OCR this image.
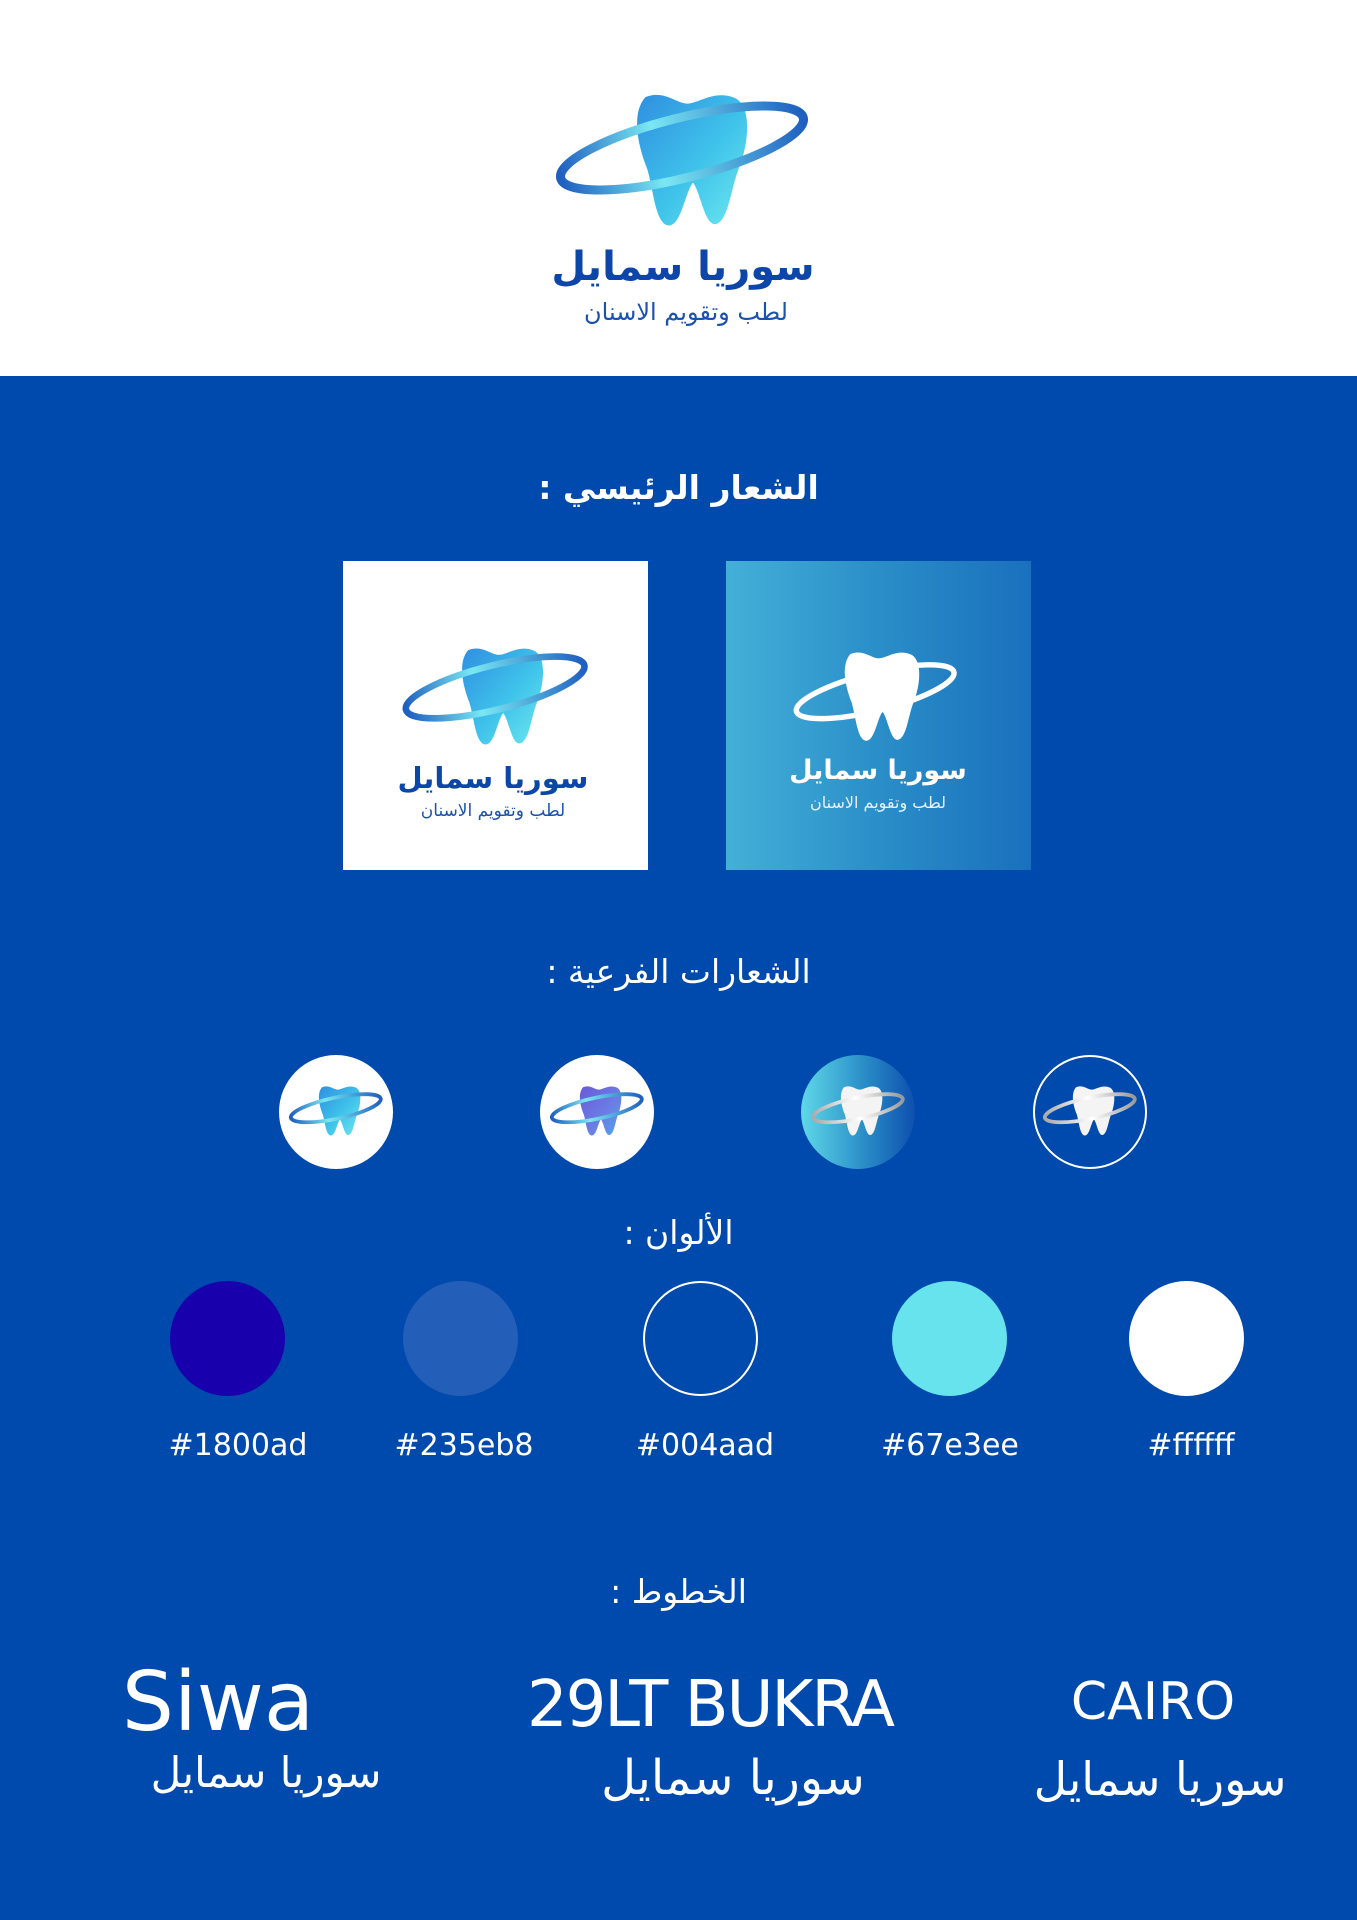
سوريا سمايل
لطب وتقويم الاسنان
الشعار الرئيسي :
سوريا سمايل
لطب وتقويم الاسنان
سوريا سمايل
لطب وتقويم الاسنان
الشعارات الفرعية :
الألوان :
#1800ad	#235eb8	#004aad	#67e3ee	#ffffff
الخطوط :
Siwa
سوريا سمايل
29LT BUKRA
سوريا سمايل
CAIRO
سوريا سمايل
